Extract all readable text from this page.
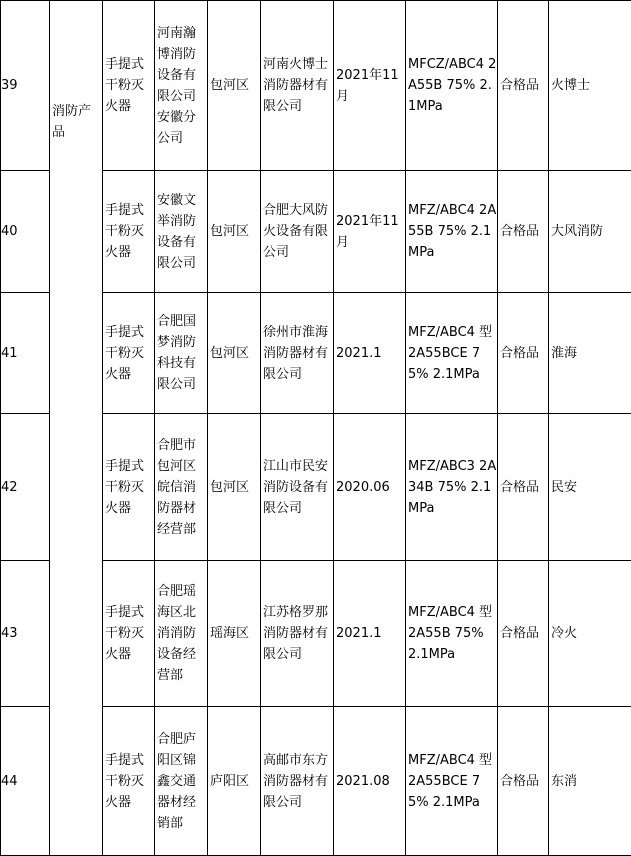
39	消防产品	手提式干粉灭火器	河南瀚博消防设备有限公司安徽分公司	包河区	河南火博士消防器材有限公司	2021年11月	MFCZ/ABC4 2A55B 75% 2.1MPa	合格品	火博士
40		手提式干粉灭火器	安徽文举消防设备有限公司	包河区	合肥大风防火设备有限公司	2021年11月	MFZ/ABC4 2A55B 75% 2.1MPa	合格品	大风消防
41		手提式干粉灭火器	合肥国梦消防科技有限公司	包河区	徐州市淮海消防器材有限公司	2021.1	MFZ/ABC4 型 2A55BCE 75% 2.1MPa	合格品	淮海
42		手提式干粉灭火器	合肥市包河区皖信消防器材经营部	包河区	江山市民安消防设备有限公司	2020.06	MFZ/ABC3 2A34B 75% 2.1MPa	合格品	民安
43		手提式干粉灭火器	合肥瑶海区北消消防设备经营部	瑶海区	江苏格罗那消防器材有限公司	2021.1	MFZ/ABC4 型 2A55B 75% 2.1MPa	合格品	冷火
44		手提式干粉灭火器	合肥庐阳区锦鑫交通器材经销部	庐阳区	高邮市东方消防器材有限公司	2021.08	MFZ/ABC4 型 2A55BCE 75% 2.1MPa	合格品	东消
